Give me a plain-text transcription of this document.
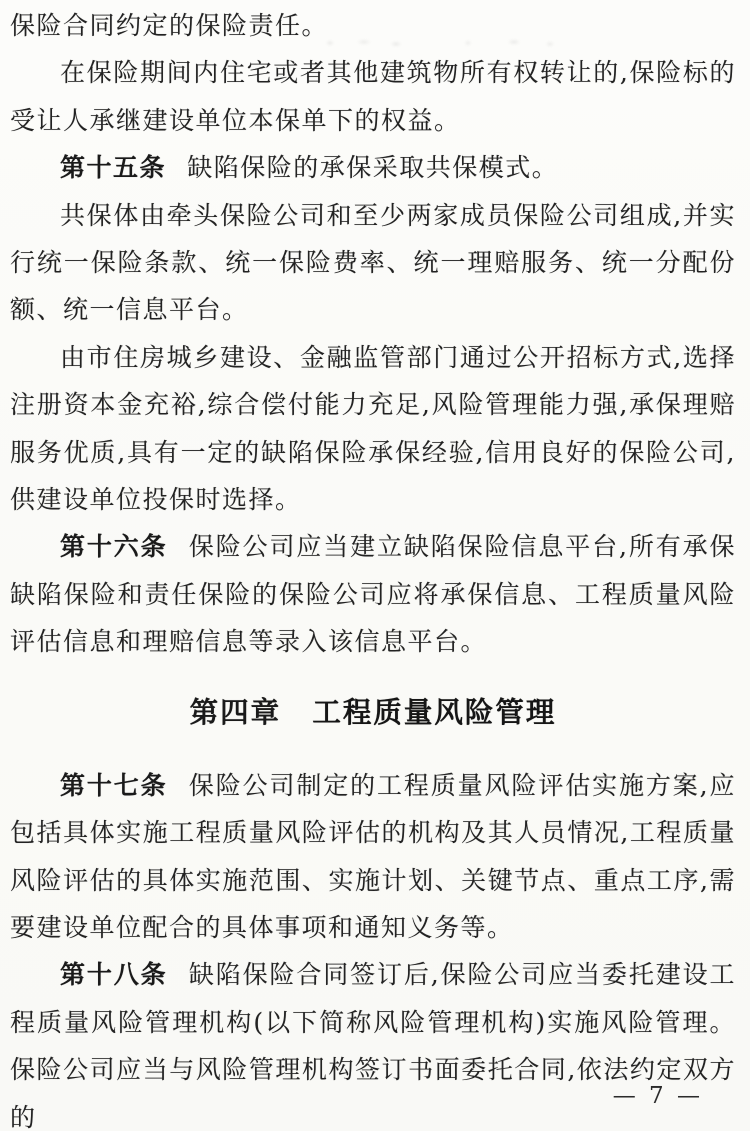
保险合同约定的保险责任。

在保险期间内住宅或者其他建筑物所有权转让的,保险标的受让人承继建设单位本保单下的权益。

第十五条 缺陷保险的承保采取共保模式。

共保体由牵头保险公司和至少两家成员保险公司组成,并实行统一保险条款、统一保险费率、统一理赔服务、统一分配份额、统一信息平台。

由市住房城乡建设、金融监管部门通过公开招标方式,选择注册资本金充裕,综合偿付能力充足,风险管理能力强,承保理赔服务优质,具有一定的缺陷保险承保经验,信用良好的保险公司,供建设单位投保时选择。

第十六条 保险公司应当建立缺陷保险信息平台,所有承保缺陷保险和责任保险的保险公司应将承保信息、工程质量风险评估信息和理赔信息等录入该信息平台。

第四章 工程质量风险管理

第十七条 保险公司制定的工程质量风险评估实施方案,应包括具体实施工程质量风险评估的机构及其人员情况,工程质量风险评估的具体实施范围、实施计划、关键节点、重点工序,需要建设单位配合的具体事项和通知义务等。

第十八条 缺陷保险合同签订后,保险公司应当委托建设工程质量风险管理机构(以下简称风险管理机构)实施风险管理。保险公司应当与风险管理机构签订书面委托合同,依法约定双方的

— 7 —
